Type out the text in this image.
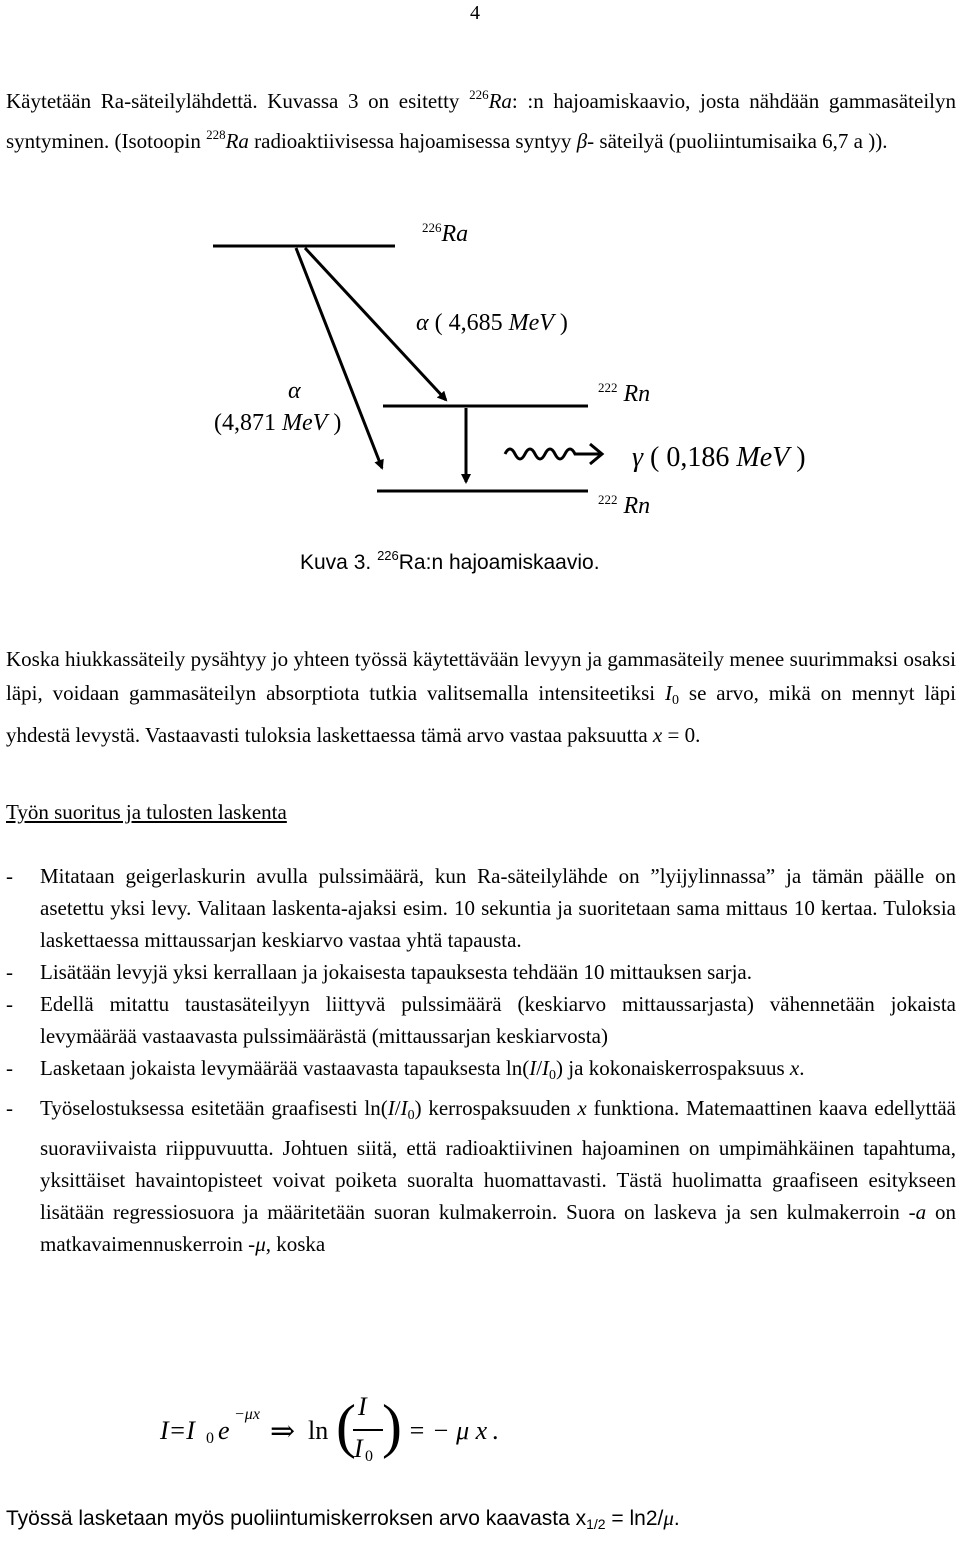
4
Käytetään Ra-säteilylähdettä. Kuvassa 3 on esitetty $^{226}$Ra: :n hajoamiskaavio, josta nähdään gammasäteilyn syntyminen. (Isotoopin $^{228}$Ra radioaktiivisessa hajoamisessa syntyy β- säteilyä (puoliintumisaika 6,7 a )).
$^{226}$Ra
α ( 4,685 MeV )
α
(4,871 MeV )
$^{222}$ Rn
γ ( 0,186 MeV )
$^{222}$ Rn
Kuva 3. $^{226}$Ra:n hajoamiskaavio.
Koska hiukkassäteily pysähtyy jo yhteen työssä käytettävään levyyn ja gammasäteily menee suurimmaksi osaksi läpi, voidaan gammasäteilyn absorptiota tutkia valitsemalla intensiteetiksi $I_0$ se arvo, mikä on mennyt läpi yhdestä levystä. Vastaavasti tuloksia laskettaessa tämä arvo vastaa paksuutta x = 0.
Työn suoritus ja tulosten laskenta
- Mitataan geigerlaskurin avulla pulssimäärä, kun Ra-säteilylähde on ”lyijylinnassa” ja tämän päälle on asetettu yksi levy. Valitaan laskenta-ajaksi esim. 10 sekuntia ja suoritetaan sama mittaus 10 kertaa. Tuloksia laskettaessa mittaussarjan keskiarvo vastaa yhtä tapausta.
- Lisätään levyjä yksi kerrallaan ja jokaisesta tapauksesta tehdään 10 mittauksen sarja.
- Edellä mitattu taustasäteilyyn liittyvä pulssimäärä (keskiarvo mittaussarjasta) vähennetään jokaista levymäärää vastaavasta pulssimäärästä (mittaussarjan keskiarvosta)
- Lasketaan jokaista levymäärää vastaavasta tapauksesta $\ln(I/I_0)$ ja kokonaiskerrospaksuus x.
- Työselostuksessa esitetään graafisesti $\ln(I/I_0)$ kerrospaksuuden x funktiona. Matemaattinen kaava edellyttää suoraviivaista riippuvuutta. Johtuen siitä, että radioaktiivinen hajoaminen on umpimähkäinen tapahtuma, yksittäiset havaintopisteet voivat poiketa suoralta huomattavasti. Tästä huolimatta graafiseen esitykseen lisätään regressiosuora ja määritetään suoran kulmakerroin. Suora on laskeva ja sen kulmakerroin -a on matkavaimennuskerroin -μ, koska
I=I 0 e
−μx
⇒ ln ( I
I 0 ) = − μ x .
Työssä lasketaan myös puoliintumiskerroksen arvo kaavasta $x_{1/2} = \ln 2/\mu$.
